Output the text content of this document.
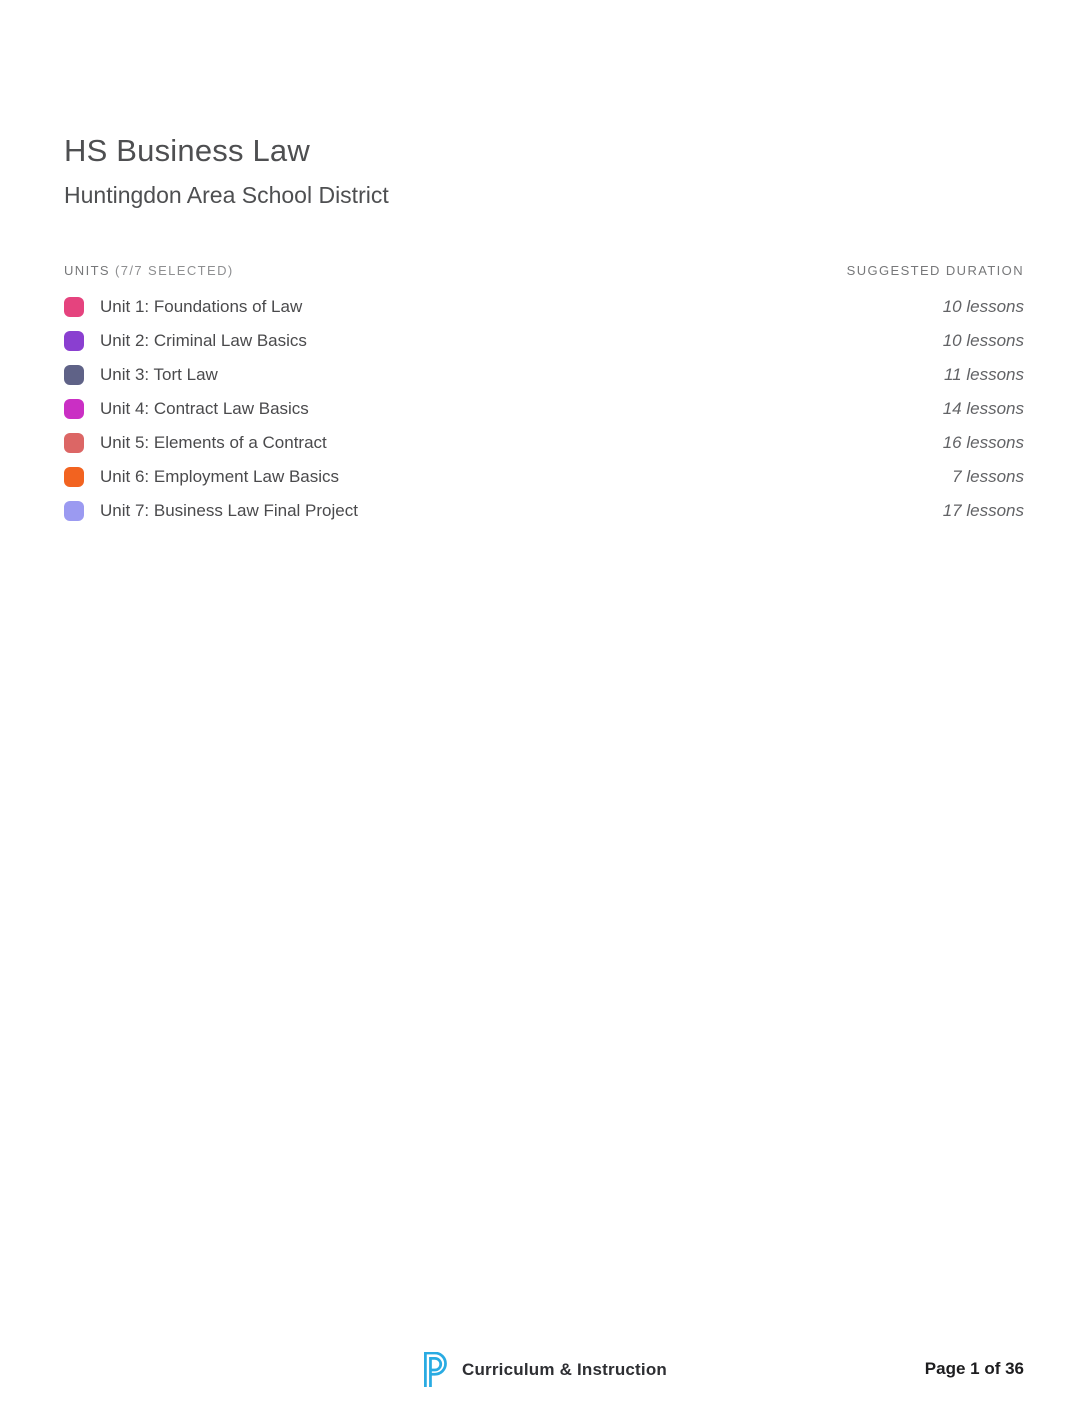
HS Business Law
Huntingdon Area School District
UNITS (7/7 SELECTED)	SUGGESTED DURATION
Unit 1: Foundations of Law	10 lessons
Unit 2: Criminal Law Basics	10 lessons
Unit 3: Tort Law	11 lessons
Unit 4: Contract Law Basics	14 lessons
Unit 5: Elements of a Contract	16 lessons
Unit 6: Employment Law Basics	7 lessons
Unit 7: Business Law Final Project	17 lessons
Curriculum & Instruction	Page 1 of 36
